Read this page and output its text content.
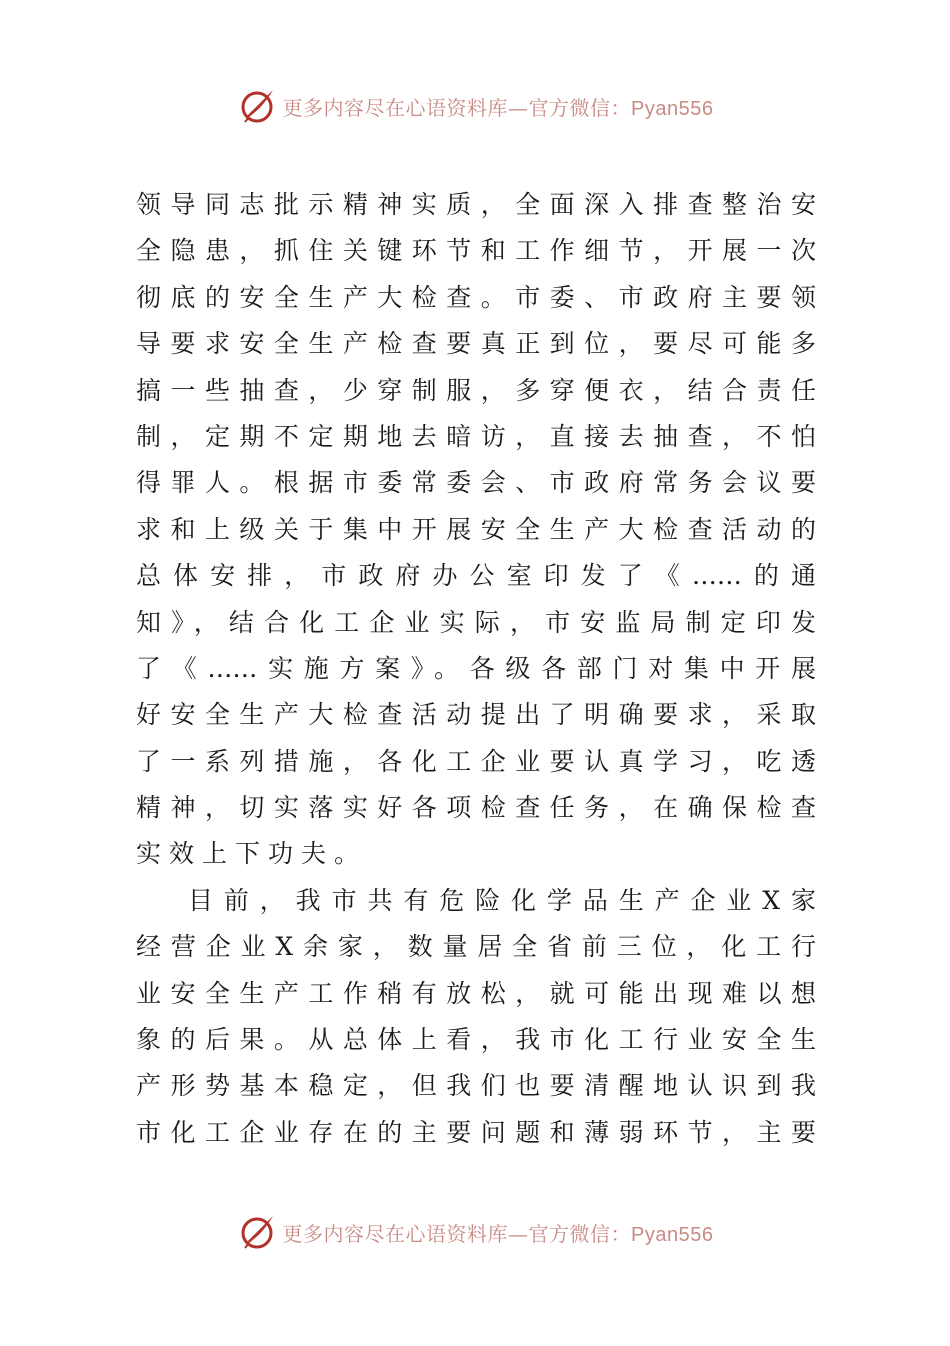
更多内容尽在心语资料库—官方微信：Pyan556
领导同志批示精神实质，全面深入排查整治安
全隐患，抓住关键环节和工作细节，开展一次
彻底的安全生产大检查。市委、市政府主要领
导要求安全生产检查要真正到位，要尽可能多
搞一些抽查，少穿制服，多穿便衣，结合责任
制，定期不定期地去暗访，直接去抽查，不怕
得罪人。根据市委常委会、市政府常务会议要
求和上级关于集中开展安全生产大检查活动的
总体安排，市政府办公室印发了《……的通
知》，结合化工企业实际，市安监局制定印发
了《……实施方案》。各级各部门对集中开展
好安全生产大检查活动提出了明确要求，采取
了一系列措施，各化工企业要认真学习，吃透
精神，切实落实好各项检查任务，在确保检查
实效上下功夫。
目前，我市共有危险化学品生产企业X家
经营企业X余家，数量居全省前三位，化工行
业安全生产工作稍有放松，就可能出现难以想
象的后果。从总体上看，我市化工行业安全生
产形势基本稳定，但我们也要清醒地认识到我
市化工企业存在的主要问题和薄弱环节，主要
更多内容尽在心语资料库—官方微信：Pyan556
